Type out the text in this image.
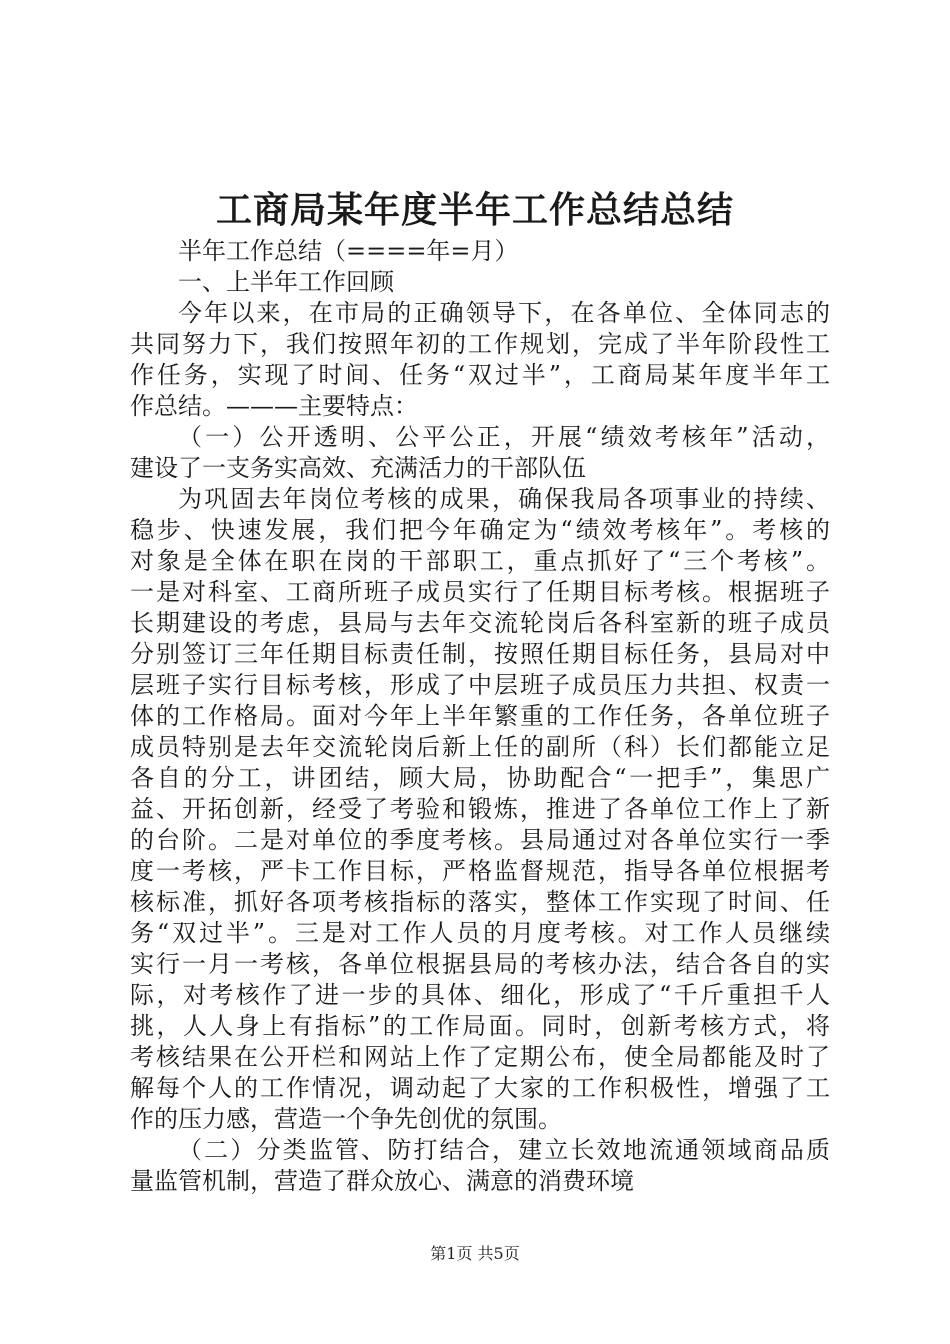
工商局某年度半年工作总结总结
半年工作总结（====年=月）
一、上半年工作回顾
今年以来，在市局的正确领导下，在各单位、全体同志的
共同努力下，我们按照年初的工作规划，完成了半年阶段性工
作任务，实现了时间、任务“双过半”，工商局某年度半年工
作总结。———主要特点：
（一）公开透明、公平公正，开展“绩效考核年”活动，
建设了一支务实高效、充满活力的干部队伍
为巩固去年岗位考核的成果，确保我局各项事业的持续、
稳步、快速发展，我们把今年确定为“绩效考核年”。考核的
对象是全体在职在岗的干部职工，重点抓好了“三个考核”。
一是对科室、工商所班子成员实行了任期目标考核。根据班子
长期建设的考虑，县局与去年交流轮岗后各科室新的班子成员
分别签订三年任期目标责任制，按照任期目标任务，县局对中
层班子实行目标考核，形成了中层班子成员压力共担、权责一
体的工作格局。面对今年上半年繁重的工作任务，各单位班子
成员特别是去年交流轮岗后新上任的副所（科）长们都能立足
各自的分工，讲团结，顾大局，协助配合“一把手”，集思广
益、开拓创新，经受了考验和锻炼，推进了各单位工作上了新
的台阶。二是对单位的季度考核。县局通过对各单位实行一季
度一考核，严卡工作目标，严格监督规范，指导各单位根据考
核标准，抓好各项考核指标的落实，整体工作实现了时间、任
务“双过半”。三是对工作人员的月度考核。对工作人员继续
实行一月一考核，各单位根据县局的考核办法，结合各自的实
际，对考核作了进一步的具体、细化，形成了“千斤重担千人
挑，人人身上有指标”的工作局面。同时，创新考核方式，将
考核结果在公开栏和网站上作了定期公布，使全局都能及时了
解每个人的工作情况，调动起了大家的工作积极性，增强了工
作的压力感，营造一个争先创优的氛围。
（二）分类监管、防打结合，建立长效地流通领域商品质
量监管机制，营造了群众放心、满意的消费环境
第1页 共5页
